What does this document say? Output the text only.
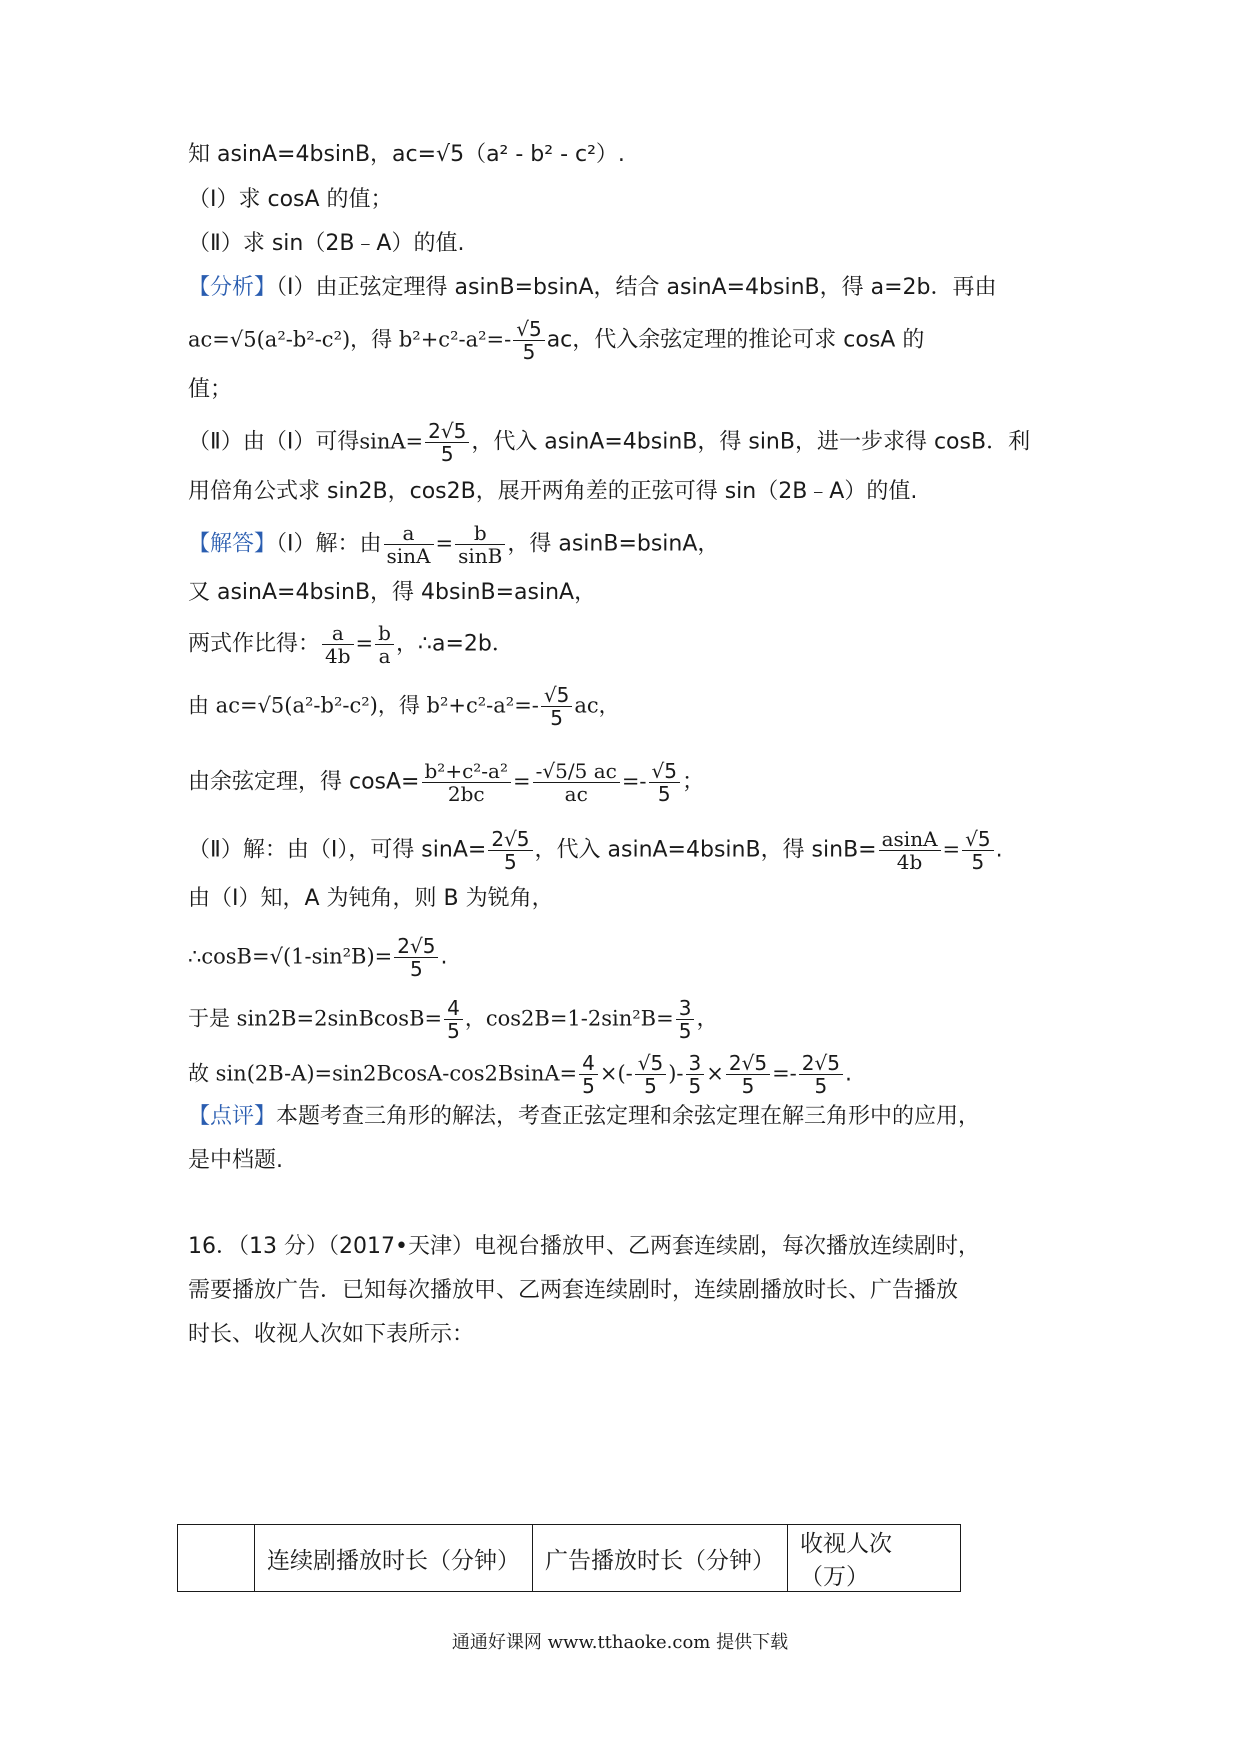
知 asinA=4bsinB，ac=√5（a² - b² - c²）.
（Ⅰ）求 cosA 的值；
（Ⅱ）求 sin（2B﹣A）的值.
【分析】（Ⅰ）由正弦定理得 asinB=bsinA，结合 asinA=4bsinB，得 a=2b．再由
ac=√5(a²-b²-c²)，得 $b^2+c^2-a^2=- \frac{√5}{5}$ ac，代入余弦定理的推论可求 cosA 的
值；
（Ⅱ）由（Ⅰ）可得$\sin A= \frac{2√5}{5}$ ，代入 asinA=4bsinB，得 sinB，进一步求得 cosB．利
用倍角公式求 sin2B，cos2B，展开两角差的正弦可得 sin（2B﹣A）的值.
【解答】（Ⅰ）解：由 $\frac{a}{\sin A} = \frac{b}{\sin B}$ ，得 asinB=bsinA，
又 asinA=4bsinB，得 4bsinB=asinA，
两式作比得： $\frac{a}{4b} = \frac{b}{a}$ ，∴a=2b．
由 ac=√5(a²-b²-c²)，得 $b^2+c^2-a^2=- \frac{√5}{5}$ ac，
由余弦定理，得 $\cos A= \frac{\text{b²+c²-a²}}{2bc} = \frac{-√5/5 ac}{ac} =- \frac{√5}{5}$ ；
（Ⅱ）解：由（Ⅰ），可得 $\sin A= \frac{2√5}{5}$ ，代入 asinA=4bsinB，得 $\sin B= \frac{asinA}{4b} = \frac{√5}{5}$ .
由（Ⅰ）知，A 为钝角，则 B 为锐角，
∴cosB=√(1-sin²B)= $\frac{2√5}{5}$ .
于是 sin2B=2sinBcosB= $\frac{4}{5}$ ，$\cos 2B=1-2\sin^2B= \frac{3}{5}$ ，
故 $\sin(2B-A)=\sin 2BcosA-\cos 2BsinA= \frac{4}{5}$ ×(- $\frac{√5}{5}$ )- $\frac{3}{5} \times \frac{2√5}{5} =- \frac{2√5}{5}$ .
【点评】本题考查三角形的解法，考查正弦定理和余弦定理在解三角形中的应用，
是中档题.
16．（13 分）（2017•天津）电视台播放甲、乙两套连续剧，每次播放连续剧时，
需要播放广告．已知每次播放甲、乙两套连续剧时，连续剧播放时长、广告播放
时长、收视人次如下表所示：
	连续剧播放时长（分钟）	广告播放时长（分钟）	收视人次（万）
通通好课网 www.tthaoke.com 提供下载
